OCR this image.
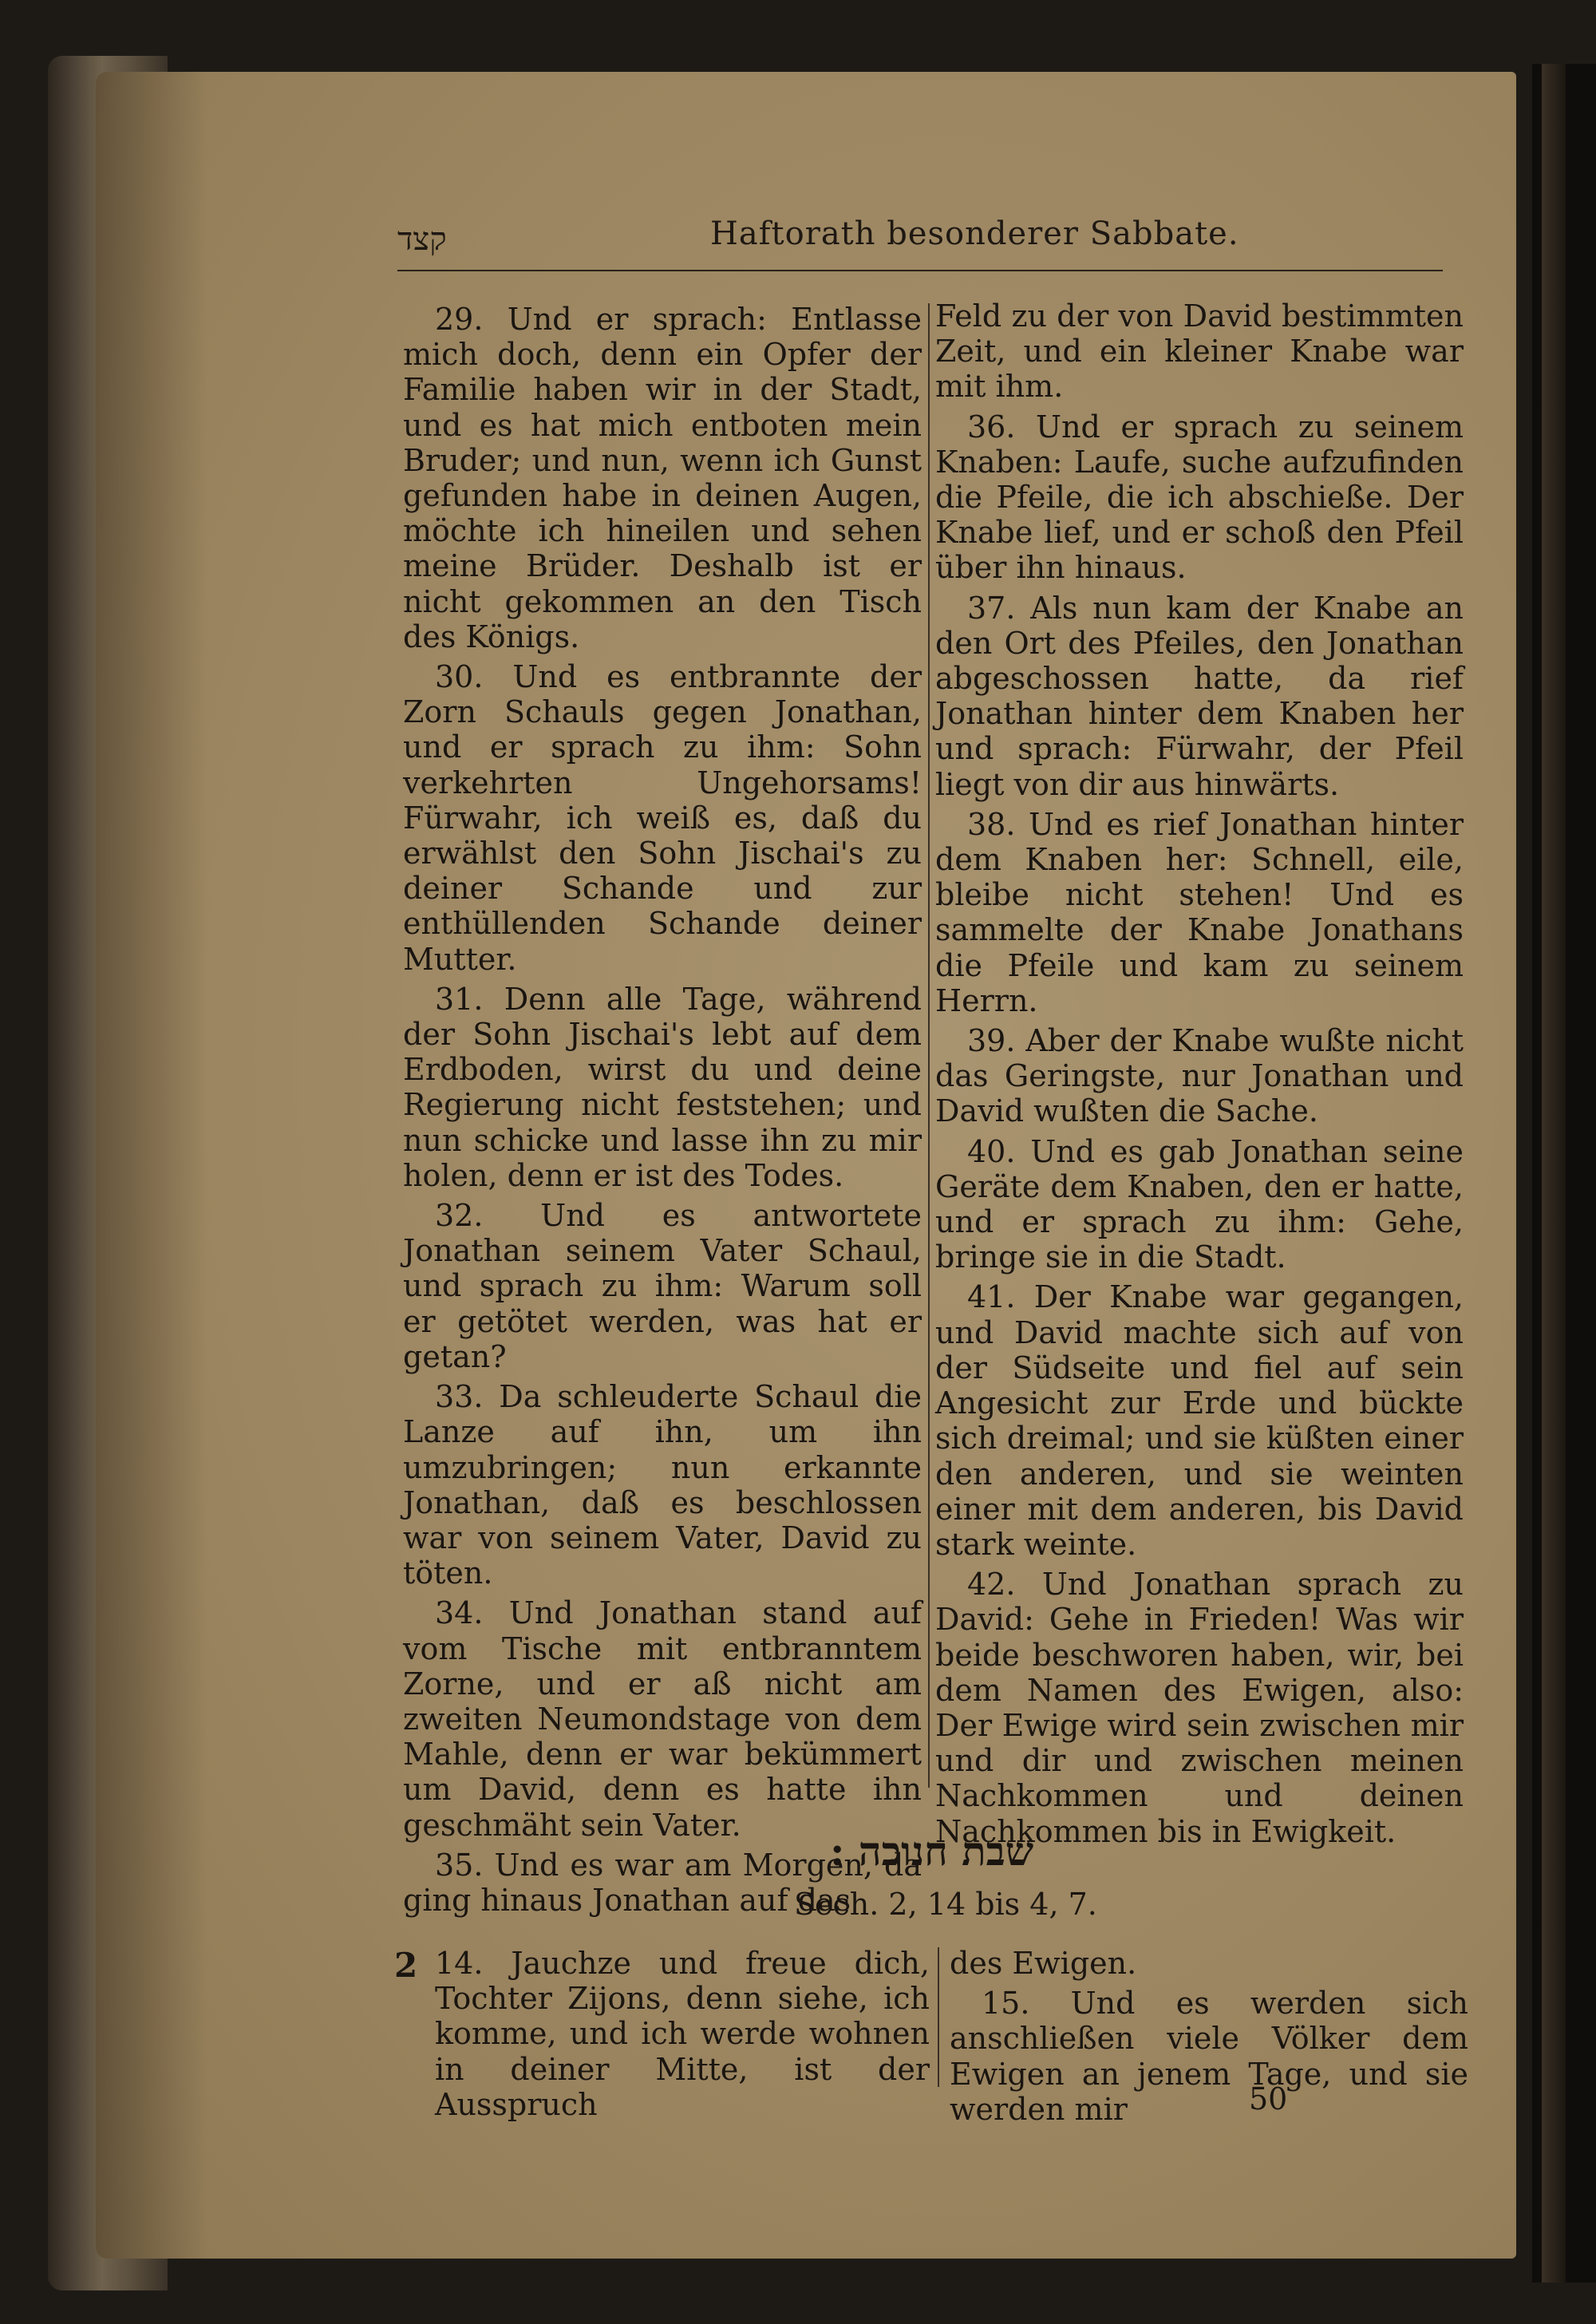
קצד	Haftorath besonderer Sabbate.

29. Und er sprach: Entlasse mich doch, denn ein Opfer der Familie haben wir in der Stadt, und es hat mich entboten mein Bruder; und nun, wenn ich Gunst gefunden habe in deinen Augen, möchte ich hineilen und sehen meine Brüder. Deshalb ist er nicht gekommen an den Tisch des Königs.

30. Und es entbrannte der Zorn Schauls gegen Jonathan, und er sprach zu ihm: Sohn verkehrten Ungehorsams! Fürwahr, ich weiß es, daß du erwählst den Sohn Jischai's zu deiner Schande und zur enthüllenden Schande deiner Mutter.

31. Denn alle Tage, während der Sohn Jischai's lebt auf dem Erdboden, wirst du und deine Regierung nicht feststehen; und nun schicke und lasse ihn zu mir holen, denn er ist des Todes.

32. Und es antwortete Jonathan seinem Vater Schaul, und sprach zu ihm: Warum soll er getötet werden, was hat er getan?

33. Da schleuderte Schaul die Lanze auf ihn, um ihn umzubringen; nun erkannte Jonathan, daß es beschlossen war von seinem Vater, David zu töten.

34. Und Jonathan stand auf vom Tische mit entbranntem Zorne, und er aß nicht am zweiten Neumondstage von dem Mahle, denn er war bekümmert um David, denn es hatte ihn geschmäht sein Vater.

35. Und es war am Morgen, da ging hinaus Jonathan auf das

Feld zu der von David bestimmten Zeit, und ein kleiner Knabe war mit ihm.

36. Und er sprach zu seinem Knaben: Laufe, suche aufzufinden die Pfeile, die ich abschieße. Der Knabe lief, und er schoß den Pfeil über ihn hinaus.

37. Als nun kam der Knabe an den Ort des Pfeiles, den Jonathan abgeschossen hatte, da rief Jonathan hinter dem Knaben her und sprach: Fürwahr, der Pfeil liegt von dir aus hinwärts.

38. Und es rief Jonathan hinter dem Knaben her: Schnell, eile, bleibe nicht stehen! Und es sammelte der Knabe Jonathans die Pfeile und kam zu seinem Herrn.

39. Aber der Knabe wußte nicht das Geringste, nur Jonathan und David wußten die Sache.

40. Und es gab Jonathan seine Geräte dem Knaben, den er hatte, und er sprach zu ihm: Gehe, bringe sie in die Stadt.

41. Der Knabe war gegangen, und David machte sich auf von der Südseite und fiel auf sein Angesicht zur Erde und bückte sich dreimal; und sie küßten einer den anderen, und sie weinten einer mit dem anderen, bis David stark weinte.

42. Und Jonathan sprach zu David: Gehe in Frieden! Was wir beide beschworen haben, wir, bei dem Namen des Ewigen, also: Der Ewige wird sein zwischen mir und dir und zwischen meinen Nachkommen und deinen Nachkommen bis in Ewigkeit.

שבת חנוכה :
Sech. 2, 14 bis 4, 7.
2 14. Jauchze und freue dich, Tochter Zijons, denn siehe, ich komme, und ich werde wohnen in deiner Mitte, ist der Ausspruch

des Ewigen.

15. Und es werden sich anschließen viele Völker dem Ewigen an jenem Tage, und sie werden mir	50
